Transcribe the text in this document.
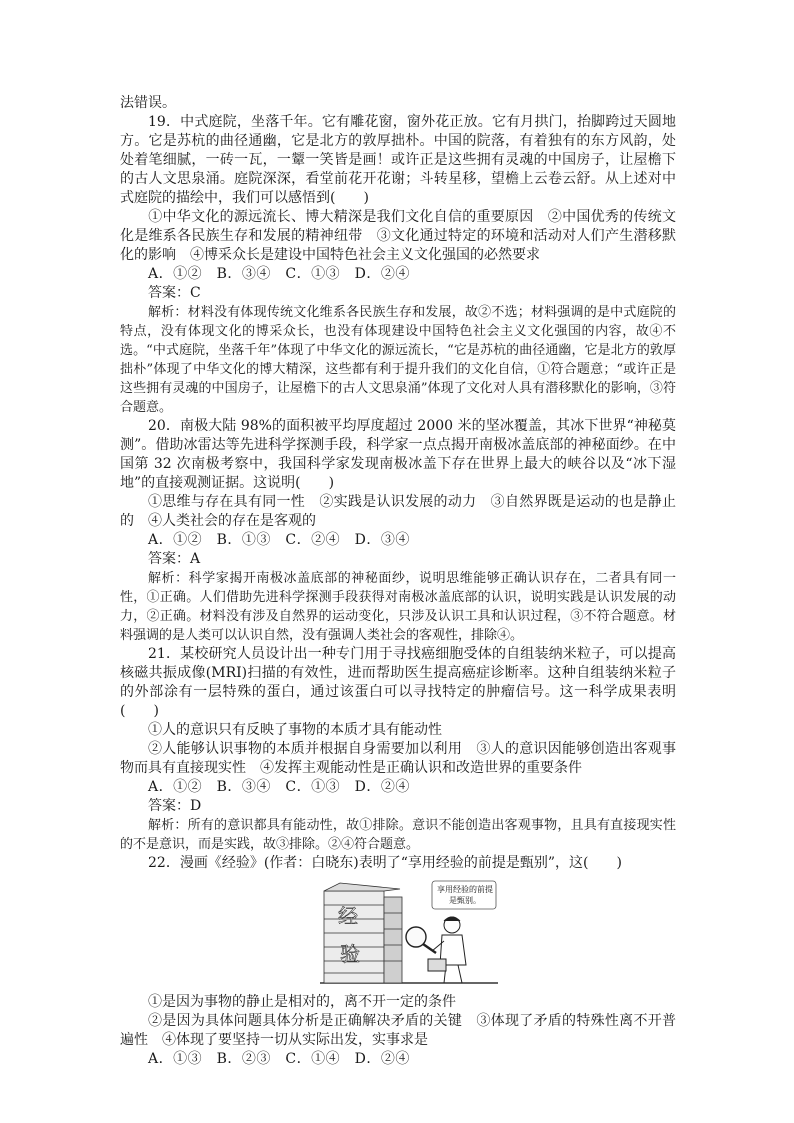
法错误。

19．中式庭院，坐落千年。它有雕花窗，窗外花正放。它有月拱门，抬脚跨过天圆地方。它是苏杭的曲径通幽，它是北方的敦厚拙朴。中国的院落，有着独有的东方风韵，处处着笔细腻，一砖一瓦，一颦一笑皆是画！或许正是这些拥有灵魂的中国房子，让屋檐下的古人文思泉涌。庭院深深，看堂前花开花谢；斗转星移，望檐上云卷云舒。从上述对中式庭院的描绘中，我们可以感悟到(　　)

①中华文化的源远流长、博大精深是我们文化自信的重要原因　②中国优秀的传统文化是维系各民族生存和发展的精神纽带　③文化通过特定的环境和活动对人们产生潜移默化的影响　④博采众长是建设中国特色社会主义文化强国的必然要求

A．①②　B．③④　C．①③　D．②④

答案：C

解析：材料没有体现传统文化维系各民族生存和发展，故②不选；材料强调的是中式庭院的特点，没有体现文化的博采众长，也没有体现建设中国特色社会主义文化强国的内容，故④不选。“中式庭院，坐落千年”体现了中华文化的源远流长，“它是苏杭的曲径通幽，它是北方的敦厚拙朴”体现了中华文化的博大精深，这些都有利于提升我们的文化自信，①符合题意；“或许正是这些拥有灵魂的中国房子，让屋檐下的古人文思泉涌”体现了文化对人具有潜移默化的影响，③符合题意。

20．南极大陆 98%的面积被平均厚度超过 2000 米的坚冰覆盖，其冰下世界“神秘莫测”。借助冰雷达等先进科学探测手段，科学家一点点揭开南极冰盖底部的神秘面纱。在中国第 32 次南极考察中，我国科学家发现南极冰盖下存在世界上最大的峡谷以及“冰下湿地”的直接观测证据。这说明(　　)

①思维与存在具有同一性　②实践是认识发展的动力　③自然界既是运动的也是静止的　④人类社会的存在是客观的

A．①②　B．①③　C．②④　D．③④

答案：A

解析：科学家揭开南极冰盖底部的神秘面纱，说明思维能够正确认识存在，二者具有同一性，①正确。人们借助先进科学探测手段获得对南极冰盖底部的认识，说明实践是认识发展的动力，②正确。材料没有涉及自然界的运动变化，只涉及认识工具和认识过程，③不符合题意。材料强调的是人类可以认识自然，没有强调人类社会的客观性，排除④。

21．某校研究人员设计出一种专门用于寻找癌细胞受体的自组装纳米粒子，可以提高核磁共振成像(MRI)扫描的有效性，进而帮助医生提高癌症诊断率。这种自组装纳米粒子的外部涂有一层特殊的蛋白，通过该蛋白可以寻找特定的肿瘤信号。这一科学成果表明(　　)

①人的意识只有反映了事物的本质才具有能动性

②人能够认识事物的本质并根据自身需要加以利用　③人的意识因能够创造出客观事物而具有直接现实性　④发挥主观能动性是正确认识和改造世界的重要条件

A．①②　B．③④　C．①③　D．②④

答案：D

解析：所有的意识都具有能动性，故①排除。意识不能创造出客观事物，且具有直接现实性的不是意识，而是实践，故③排除。②④符合题意。

22．漫画《经验》(作者：白晓东)表明了“享用经验的前提是甄别”，这(　　)

经
验
享用经验的前提是甄别。

①是因为事物的静止是相对的，离不开一定的条件

②是因为具体问题具体分析是正确解决矛盾的关键　③体现了矛盾的特殊性离不开普遍性　④体现了要坚持一切从实际出发，实事求是

A．①③　B．②③　C．①④　D．②④
